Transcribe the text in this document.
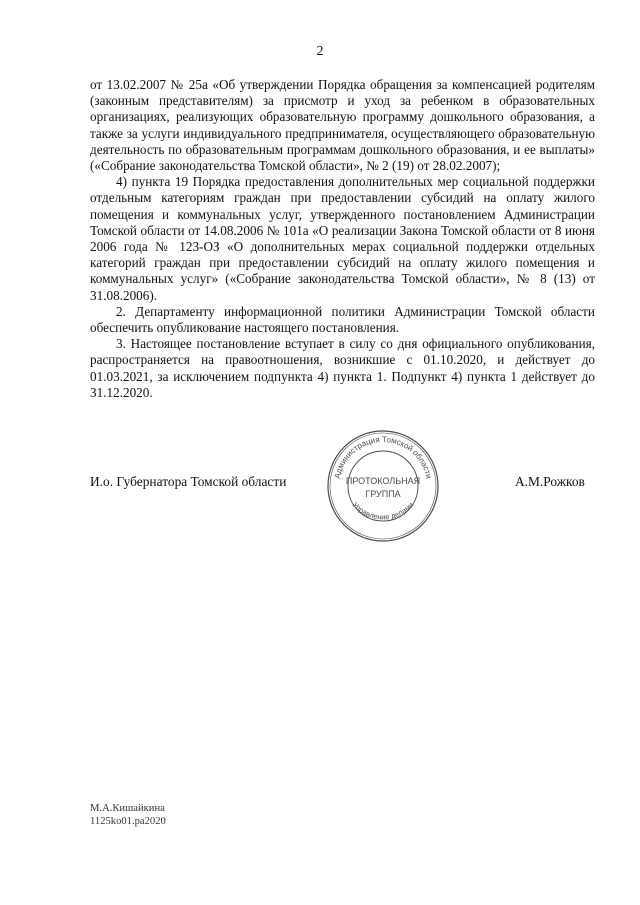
2

от 13.02.2007 № 25а «Об утверждении Порядка обращения за компенсацией родителям (законным представителям) за присмотр и уход за ребенком в образовательных организациях, реализующих образовательную программу дошкольного образования, а также за услуги индивидуального предпринимателя, осуществляющего образовательную деятельность по образовательным программам дошкольного образования, и ее выплаты» («Собрание законодательства Томской области», № 2 (19) от 28.02.2007);

4) пункта 19 Порядка предоставления дополнительных мер социальной поддержки отдельным категориям граждан при предоставлении субсидий на оплату жилого помещения и коммунальных услуг, утвержденного постановлением Администрации Томской области от 14.08.2006 № 101а «О реализации Закона Томской области от 8 июня 2006 года № 123-ОЗ «О дополнительных мерах социальной поддержки отдельных категорий граждан при предоставлении субсидий на оплату жилого помещения и коммунальных услуг» («Собрание законодательства Томской области», № 8 (13) от 31.08.2006).

2. Департаменту информационной политики Администрации Томской области обеспечить опубликование настоящего постановления.

3. Настоящее постановление вступает в силу со дня официального опубликования, распространяется на правоотношения, возникшие с 01.10.2020, и действует до 01.03.2021, за исключением подпункта 4) пункта 1. Подпункт 4) пункта 1 действует до 31.12.2020.

И.о. Губернатора Томской области	Администрация Томской области
Управление делами
ПРОТОКОЛЬНАЯ
ГРУППА
А.М.Рожков
М.А.Кишайкина
1125ko01.pa2020
